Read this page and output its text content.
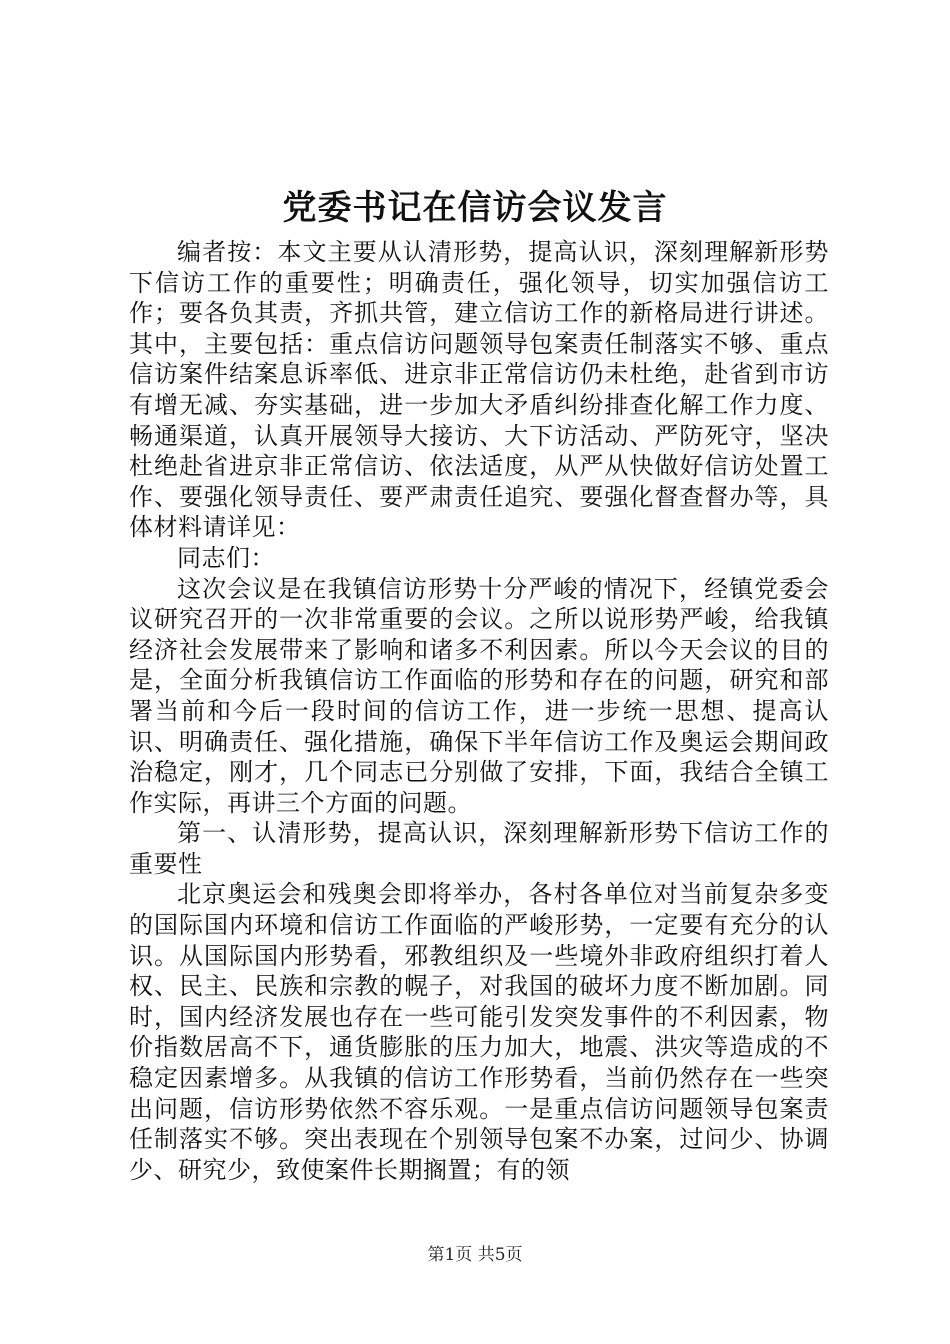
党委书记在信访会议发言

编者按：本文主要从认清形势，提高认识，深刻理解新形势下信访工作的重要性；明确责任，强化领导，切实加强信访工作；要各负其责，齐抓共管，建立信访工作的新格局进行讲述。其中，主要包括：重点信访问题领导包案责任制落实不够、重点信访案件结案息诉率低、进京非正常信访仍未杜绝，赴省到市访有增无减、夯实基础，进一步加大矛盾纠纷排查化解工作力度、畅通渠道，认真开展领导大接访、大下访活动、严防死守，坚决杜绝赴省进京非正常信访、依法适度，从严从快做好信访处置工作、要强化领导责任、要严肃责任追究、要强化督查督办等，具体材料请详见：

同志们：

这次会议是在我镇信访形势十分严峻的情况下，经镇党委会议研究召开的一次非常重要的会议。之所以说形势严峻，给我镇经济社会发展带来了影响和诸多不利因素。所以今天会议的目的是，全面分析我镇信访工作面临的形势和存在的问题，研究和部署当前和今后一段时间的信访工作，进一步统一思想、提高认识、明确责任、强化措施，确保下半年信访工作及奥运会期间政治稳定，刚才，几个同志已分别做了安排，下面，我结合全镇工作实际，再讲三个方面的问题。

第一、认清形势，提高认识，深刻理解新形势下信访工作的重要性

北京奥运会和残奥会即将举办，各村各单位对当前复杂多变的国际国内环境和信访工作面临的严峻形势，一定要有充分的认识。从国际国内形势看，邪教组织及一些境外非政府组织打着人权、民主、民族和宗教的幌子，对我国的破坏力度不断加剧。同时，国内经济发展也存在一些可能引发突发事件的不利因素，物价指数居高不下，通货膨胀的压力加大，地震、洪灾等造成的不稳定因素增多。从我镇的信访工作形势看，当前仍然存在一些突出问题，信访形势依然不容乐观。一是重点信访问题领导包案责任制落实不够。突出表现在个别领导包案不办案，过问少、协调少、研究少，致使案件长期搁置；有的领

第1页 共5页
